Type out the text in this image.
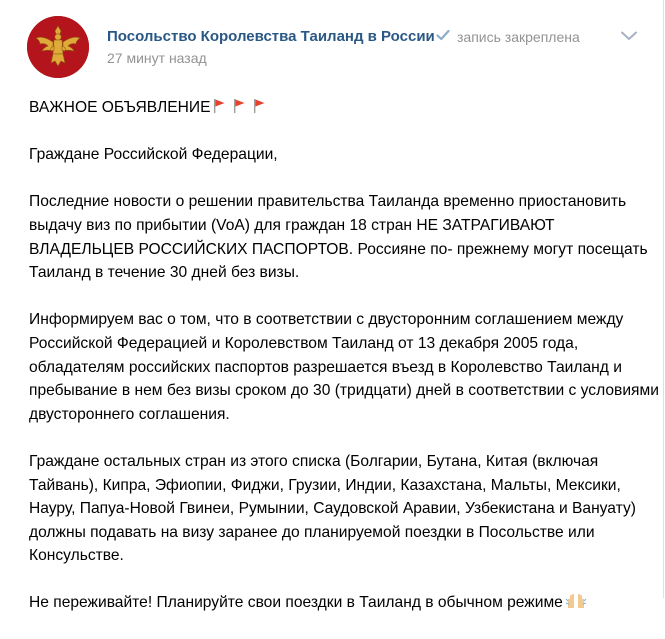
Посольство Королевства Таиланд в России запись закреплена
27 минут назад

ВАЖНОЕ ОБЪЯВЛЕНИЕ

Граждане Российской Федерации,

Последние новости о решении правительства Таиланда временно приостановить выдачу виз по прибытии (VoA) для граждан 18 стран НЕ ЗАТРАГИВАЮТ ВЛАДЕЛЬЦЕВ РОССИЙСКИХ ПАСПОРТОВ. Россияне по- прежнему могут посещать Таиланд в течение 30 дней без визы.

Информируем вас о том, что в соответствии с двусторонним соглашением между Российской Федерацией и Королевством Таиланд от 13 декабря 2005 года, обладателям российских паспортов разрешается въезд в Королевство Таиланд и пребывание в нем без визы сроком до 30 (тридцати) дней в соответствии с условиями двустороннего соглашения.

Граждане остальных стран из этого списка (Болгарии, Бутана, Китая (включая Тайвань), Кипра, Эфиопии, Фиджи, Грузии, Индии, Казахстана, Мальты, Мексики, Науру, Папуа-Новой Гвинеи, Румынии, Саудовской Аравии, Узбекистана и Вануату) должны подавать на визу заранее до планируемой поездки в Посольстве или Консульстве.

Не переживайте! Планируйте свои поездки в Таиланд в обычном режиме
